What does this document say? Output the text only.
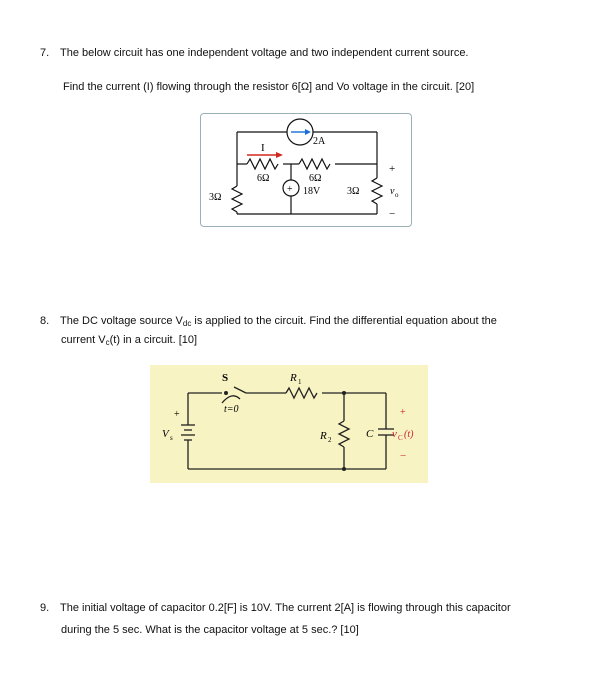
7. The below circuit has one independent voltage and two independent current source.
Find the current (I) flowing through the resistor 6[Ω] and Vo voltage in the circuit. [20]
+
I
2A
6Ω	6Ω
3Ω
18V	3Ω
+
v o
−
8. The DC voltage source $V_{dc}$ is applied to the circuit. Find the differential equation about the
current $V_c(t)$ in a circuit. [10]
S
t=0
R 1
+
V s	R 2	C
+
v C (t)
−
9. The initial voltage of capacitor 0.2[F] is 10V. The current 2[A] is flowing through this capacitor
during the 5 sec. What is the capacitor voltage at 5 sec.? [10]
